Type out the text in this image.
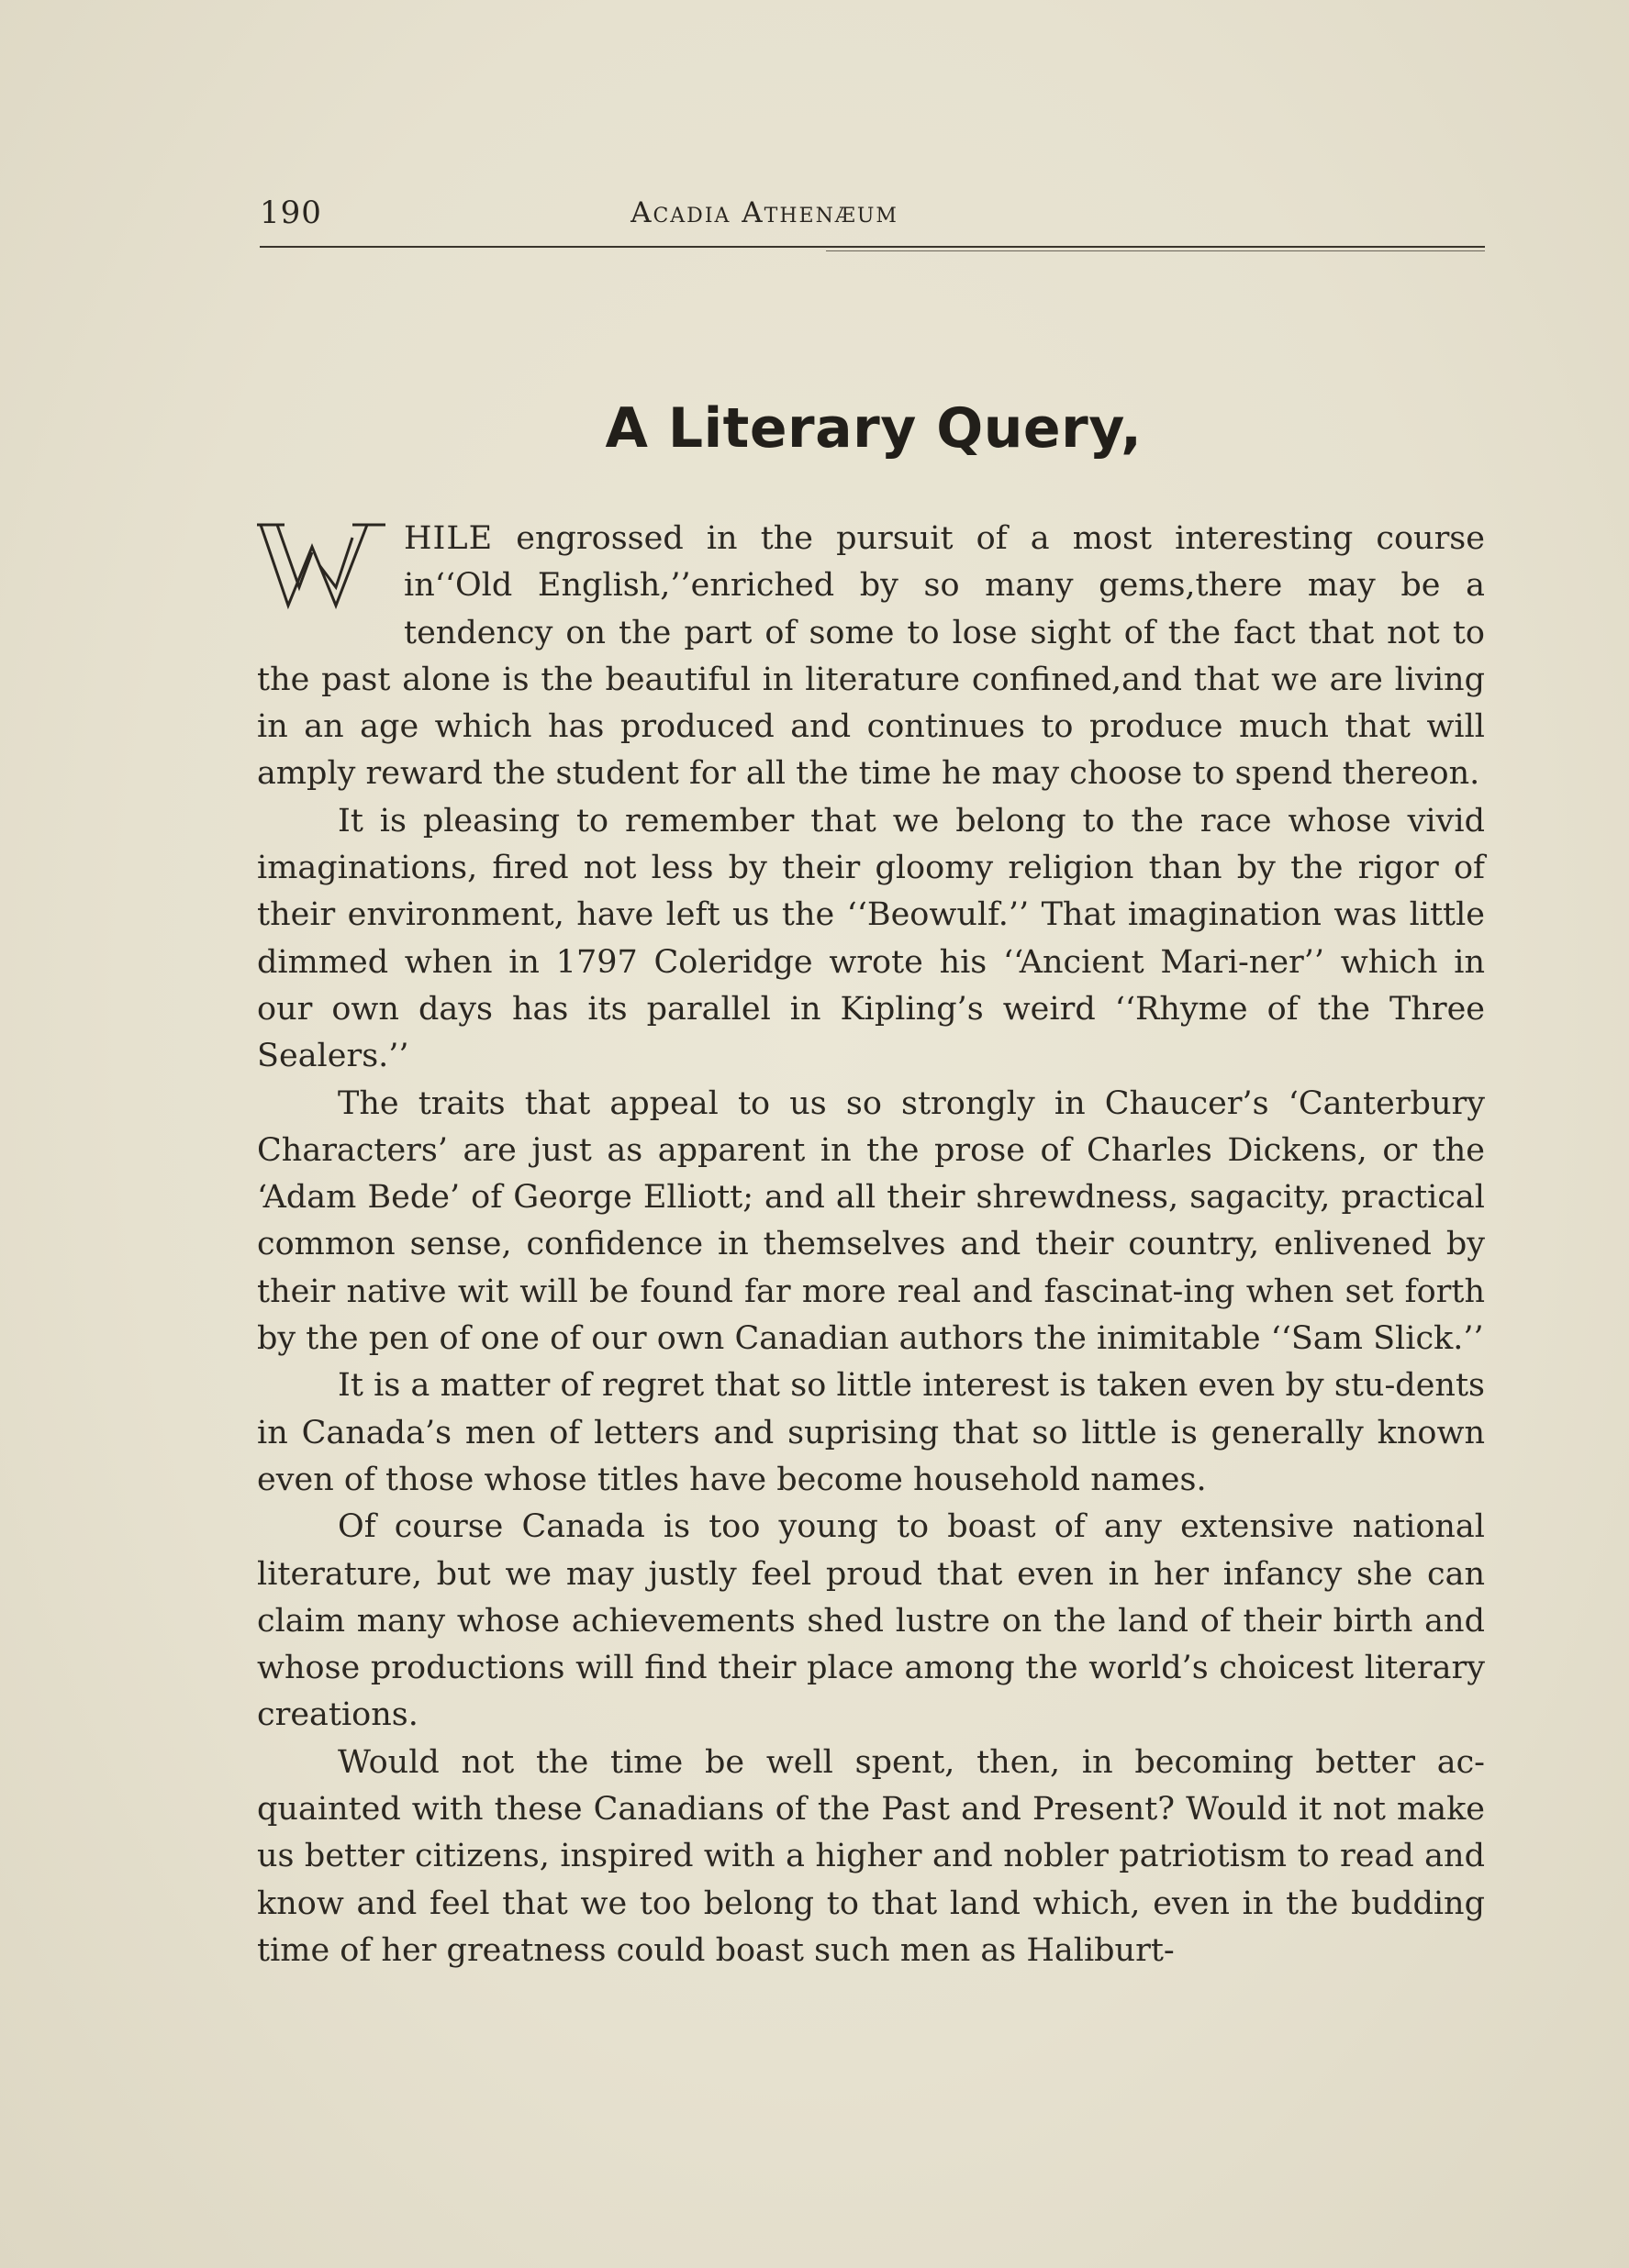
190	Acadia Athenæum
A Literary Query,

W
HILE engrossed in the pursuit of a most interesting course in‘‘Old English,’’enriched by so many gems,there may be a tendency on the part of some to lose sight of the fact that not to the past alone is the beautiful in literature confined,and that we are living in an age which has produced and continues to produce much that will amply reward the student for all the time he may choose to spend thereon.

It is pleasing to remember that we belong to the race whose vivid imaginations, fired not less by their gloomy religion than by the rigor of their environment, have left us the ‘‘Beowulf.’’ That imagination was little dimmed when in 1797 Coleridge wrote his ‘‘Ancient Mari-ner’’ which in our own days has its parallel in Kipling’s weird ‘‘Rhyme of the Three Sealers.’’

The traits that appeal to us so strongly in Chaucer’s ‘Canterbury Characters’ are just as apparent in the prose of Charles Dickens, or the ‘Adam Bede’ of George Elliott; and all their shrewdness, sagacity, practical common sense, confidence in themselves and their country, enlivened by their native wit will be found far more real and fascinat-ing when set forth by the pen of one of our own Canadian authors the inimitable ‘‘Sam Slick.’’

It is a matter of regret that so little interest is taken even by stu-dents in Canada’s men of letters and suprising that so little is generally known even of those whose titles have become household names.

Of course Canada is too young to boast of any extensive national literature, but we may justly feel proud that even in her infancy she can claim many whose achievements shed lustre on the land of their birth and whose productions will find their place among the world’s choicest literary creations.

Would not the time be well spent, then, in becoming better ac-quainted with these Canadians of the Past and Present? Would it not make us better citizens, inspired with a higher and nobler patriotism to read and know and feel that we too belong to that land which, even in the budding time of her greatness could boast such men as Haliburt-
